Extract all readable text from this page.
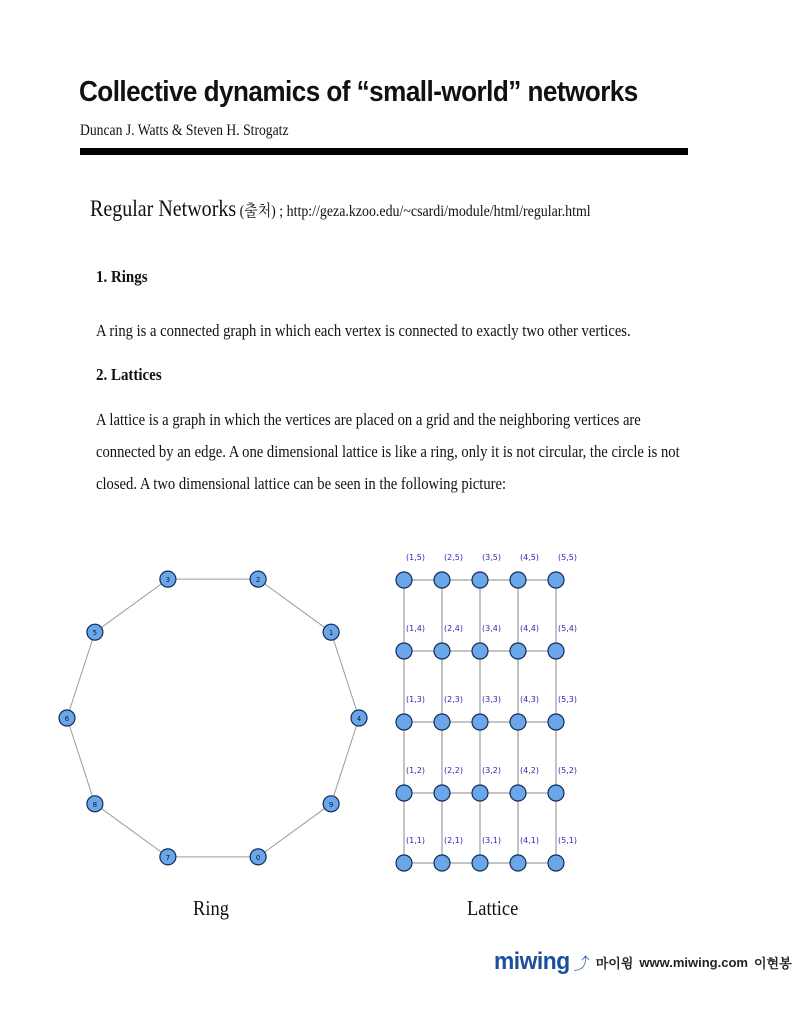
Collective dynamics of “small-world” networks
Duncan J. Watts & Steven H. Strogatz
Regular Networks (출처) ; http://geza.kzoo.edu/~csardi/module/html/regular.html
1. Rings
A ring is a connected graph in which each vertex is connected to exactly two other vertices.
2. Lattices
A lattice is a graph in which the vertices are placed on a grid and the neighboring vertices are
connected by an edge. A one dimensional lattice is like a ring, only it is not circular, the circle is not
closed. A two dimensional lattice can be seen in the following picture:
3	2
1
4
9
0
7
8
6
5
(1,5) (2,5) (3,5) (4,5) (5,5)
(1,4) (2,4) (3,4) (4,4) (5,4)
(1,3) (2,3) (3,3) (4,3) (5,3)
(1,2) (2,2) (3,2) (4,2) (5,2)
(1,1) (2,1) (3,1) (4,1) (5,1)
Ring	Lattice
miwing ⤴ 마이윙 www.miwing.com 이현봉
